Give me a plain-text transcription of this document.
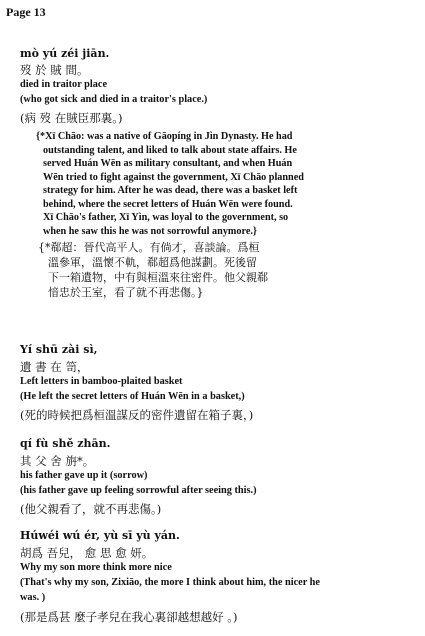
Page 13
mò yú zéi jiān.
歿 於 賊 間。
died in traitor place
(who got sick and died in a traitor's place.)
(病 歿 在賊臣那裏。)
{*Xī Chāo: was a native of Gāopíng in Jìn Dynasty. He had
outstanding talent, and liked to talk about state affairs. He
served Huán Wēn as military consultant, and when Huán
Wēn tried to fight against the government, Xī Chāo planned
strategy for him. After he was dead, there was a basket left
behind, where the secret letters of Huán Wēn were found.
Xī Chāo's father, Xī Yìn, was loyal to the government, so
when he saw this he was not sorrowful anymore.}
{*郗超：晉代高平人。有倘才，喜談論。爲桓
溫參軍，溫懷不軌，郗超爲他謀劃。死後留
下一箱遺物，中有與桓溫來往密件。他父親郗
愔忠於王室，看了就不再悲傷。}
Yí shū zài sì,
遺 書 在 笥，
Left letters in bamboo-plaited basket
(He left the secret letters of Huán Wēn in a basket,)
(死的時候把爲桓溫謀反的密件遺留在箱子裏，)
qí fù shě zhān.
其 父 舍 旃*。
his father gave up it (sorrow)
(his father gave up feeling sorrowful after seeing this.)
(他父親看了，就不再悲傷。)
Húwéi wú ér, yù sī yù yán.
胡爲 吾兒， 愈 思 愈 妍。
Why my son more think more nice
(That's why my son, Zixiāo, the more I think about him, the nicer he
was. )
(那是爲甚 麼子孝兒在我心裏卻越想越好 。)
